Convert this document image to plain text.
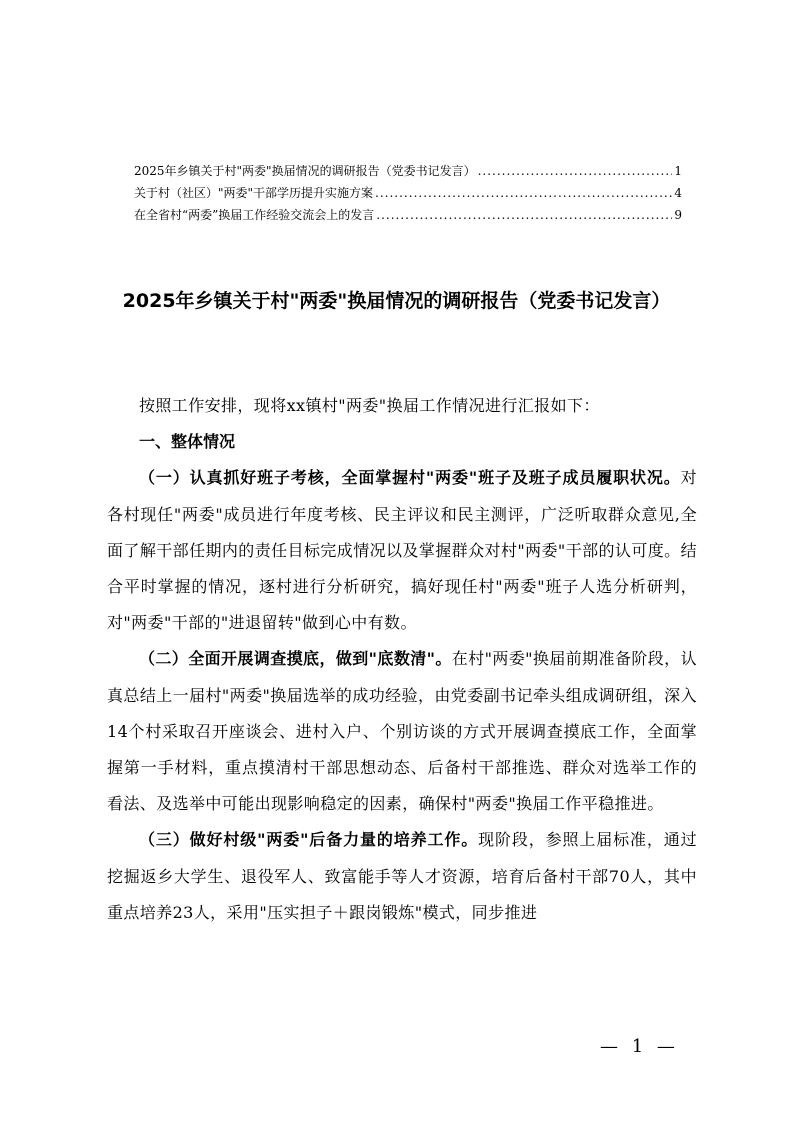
2025年乡镇关于村"两委"换届情况的调研报告（党委书记发言） .....	1
关于村（社区）"两委"干部学历提升实施方案 .....	4
在全省村“两委”换届工作经验交流会上的发言 .....	9
2025年乡镇关于村"两委"换届情况的调研报告（党委书记发言）

按照工作安排，现将xx镇村"两委"换届工作情况进行汇报如下：

一、整体情况

（一）认真抓好班子考核，全面掌握村"两委"班子及班子成员履职状况。对各村现任"两委"成员进行年度考核、民主评议和民主测评，广泛听取群众意见,全面了解干部任期内的责任目标完成情况以及掌握群众对村"两委"干部的认可度。结合平时掌握的情况，逐村进行分析研究，搞好现任村"两委"班子人选分析研判，对"两委"干部的"进退留转"做到心中有数。

（二）全面开展调查摸底，做到"底数清"。在村"两委"换届前期准备阶段，认真总结上一届村"两委"换届选举的成功经验，由党委副书记牵头组成调研组，深入14个村采取召开座谈会、进村入户、个别访谈的方式开展调查摸底工作，全面掌握第一手材料，重点摸清村干部思想动态、后备村干部推选、群众对选举工作的看法、及选举中可能出现影响稳定的因素，确保村"两委"换届工作平稳推进。

（三）做好村级"两委"后备力量的培养工作。现阶段，参照上届标准，通过挖掘返乡大学生、退役军人、致富能手等人才资源，培育后备村干部70人，其中重点培养23人，采用"压实担子＋跟岗锻炼"模式，同步推进

— 1 —
